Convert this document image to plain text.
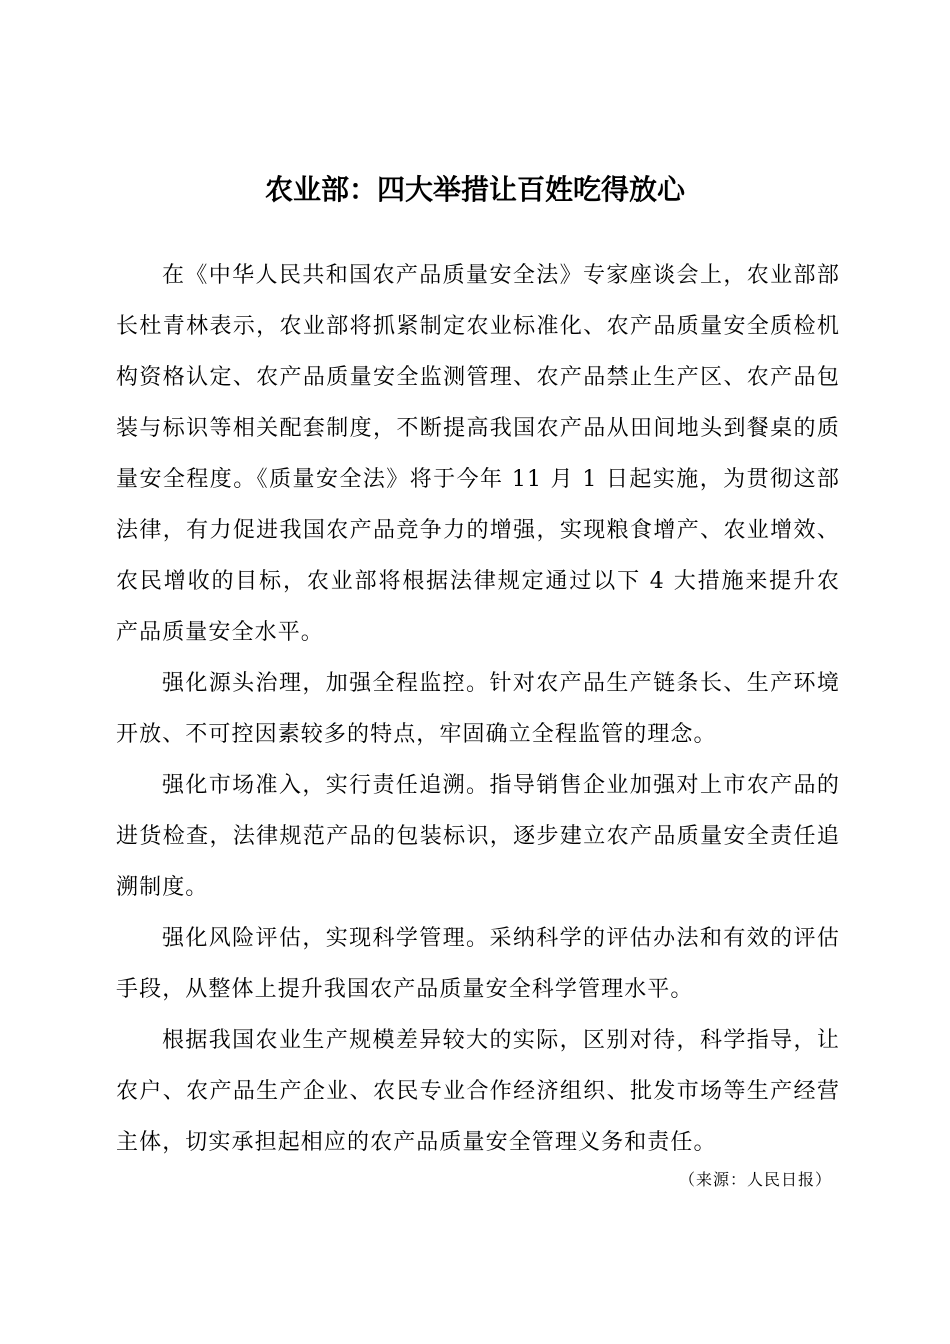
农业部：四大举措让百姓吃得放心

在《中华人民共和国农产品质量安全法》专家座谈会上，农业部部长杜青林表示，农业部将抓紧制定农业标准化、农产品质量安全质检机构资格认定、农产品质量安全监测管理、农产品禁止生产区、农产品包装与标识等相关配套制度，不断提高我国农产品从田间地头到餐桌的质量安全程度。《质量安全法》将于今年 11 月 1 日起实施，为贯彻这部法律，有力促进我国农产品竞争力的增强，实现粮食增产、农业增效、农民增收的目标，农业部将根据法律规定通过以下 4 大措施来提升农产品质量安全水平。

强化源头治理，加强全程监控。针对农产品生产链条长、生产环境开放、不可控因素较多的特点，牢固确立全程监管的理念。

强化市场准入，实行责任追溯。指导销售企业加强对上市农产品的进货检查，法律规范产品的包装标识，逐步建立农产品质量安全责任追溯制度。

强化风险评估，实现科学管理。采纳科学的评估办法和有效的评估手段，从整体上提升我国农产品质量安全科学管理水平。

根据我国农业生产规模差异较大的实际，区别对待，科学指导，让农户、农产品生产企业、农民专业合作经济组织、批发市场等生产经营主体，切实承担起相应的农产品质量安全管理义务和责任。

（来源：人民日报）
